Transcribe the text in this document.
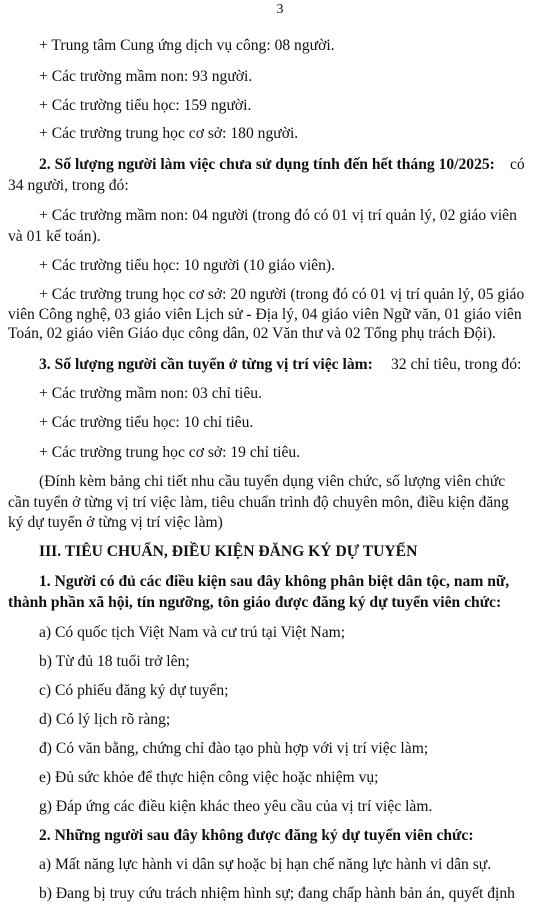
3
+ Trung tâm Cung ứng dịch vụ công: 08 người.
+ Các trường mầm non: 93 người.
+ Các trường tiểu học: 159 người.
+ Các trường trung học cơ sở: 180 người.
2. Số lượng người làm việc chưa sử dụng tính đến hết tháng 10/2025: có
34 người, trong đó:
+ Các trường mầm non: 04 người (trong đó có 01 vị trí quản lý, 02 giáo viên
và 01 kế toán).
+ Các trường tiểu học: 10 người (10 giáo viên).
+ Các trường trung học cơ sở: 20 người (trong đó có 01 vị trí quản lý, 05 giáo
viên Công nghệ, 03 giáo viên Lịch sử - Địa lý, 04 giáo viên Ngữ văn, 01 giáo viên
Toán, 02 giáo viên Giáo dục công dân, 02 Văn thư và 02 Tổng phụ trách Đội).
3. Số lượng người cần tuyển ở từng vị trí việc làm: 32 chỉ tiêu, trong đó:
+ Các trường mầm non: 03 chỉ tiêu.
+ Các trường tiểu học: 10 chỉ tiêu.
+ Các trường trung học cơ sở: 19 chỉ tiêu.
(Đính kèm bảng chi tiết nhu cầu tuyển dụng viên chức, số lượng viên chức
cần tuyển ở từng vị trí việc làm, tiêu chuẩn trình độ chuyên môn, điều kiện đăng
ký dự tuyển ở từng vị trí việc làm)
III. TIÊU CHUẨN, ĐIỀU KIỆN ĐĂNG KÝ DỰ TUYỂN
1. Người có đủ các điều kiện sau đây không phân biệt dân tộc, nam nữ,
thành phần xã hội, tín ngưỡng, tôn giáo được đăng ký dự tuyển viên chức:
a) Có quốc tịch Việt Nam và cư trú tại Việt Nam;
b) Từ đủ 18 tuổi trở lên;
c) Có phiếu đăng ký dự tuyển;
d) Có lý lịch rõ ràng;
đ) Có văn bằng, chứng chỉ đào tạo phù hợp với vị trí việc làm;
e) Đủ sức khỏe để thực hiện công việc hoặc nhiệm vụ;
g) Đáp ứng các điều kiện khác theo yêu cầu của vị trí việc làm.
2. Những người sau đây không được đăng ký dự tuyển viên chức:
a) Mất năng lực hành vi dân sự hoặc bị hạn chế năng lực hành vi dân sự.
b) Đang bị truy cứu trách nhiệm hình sự; đang chấp hành bản án, quyết định
